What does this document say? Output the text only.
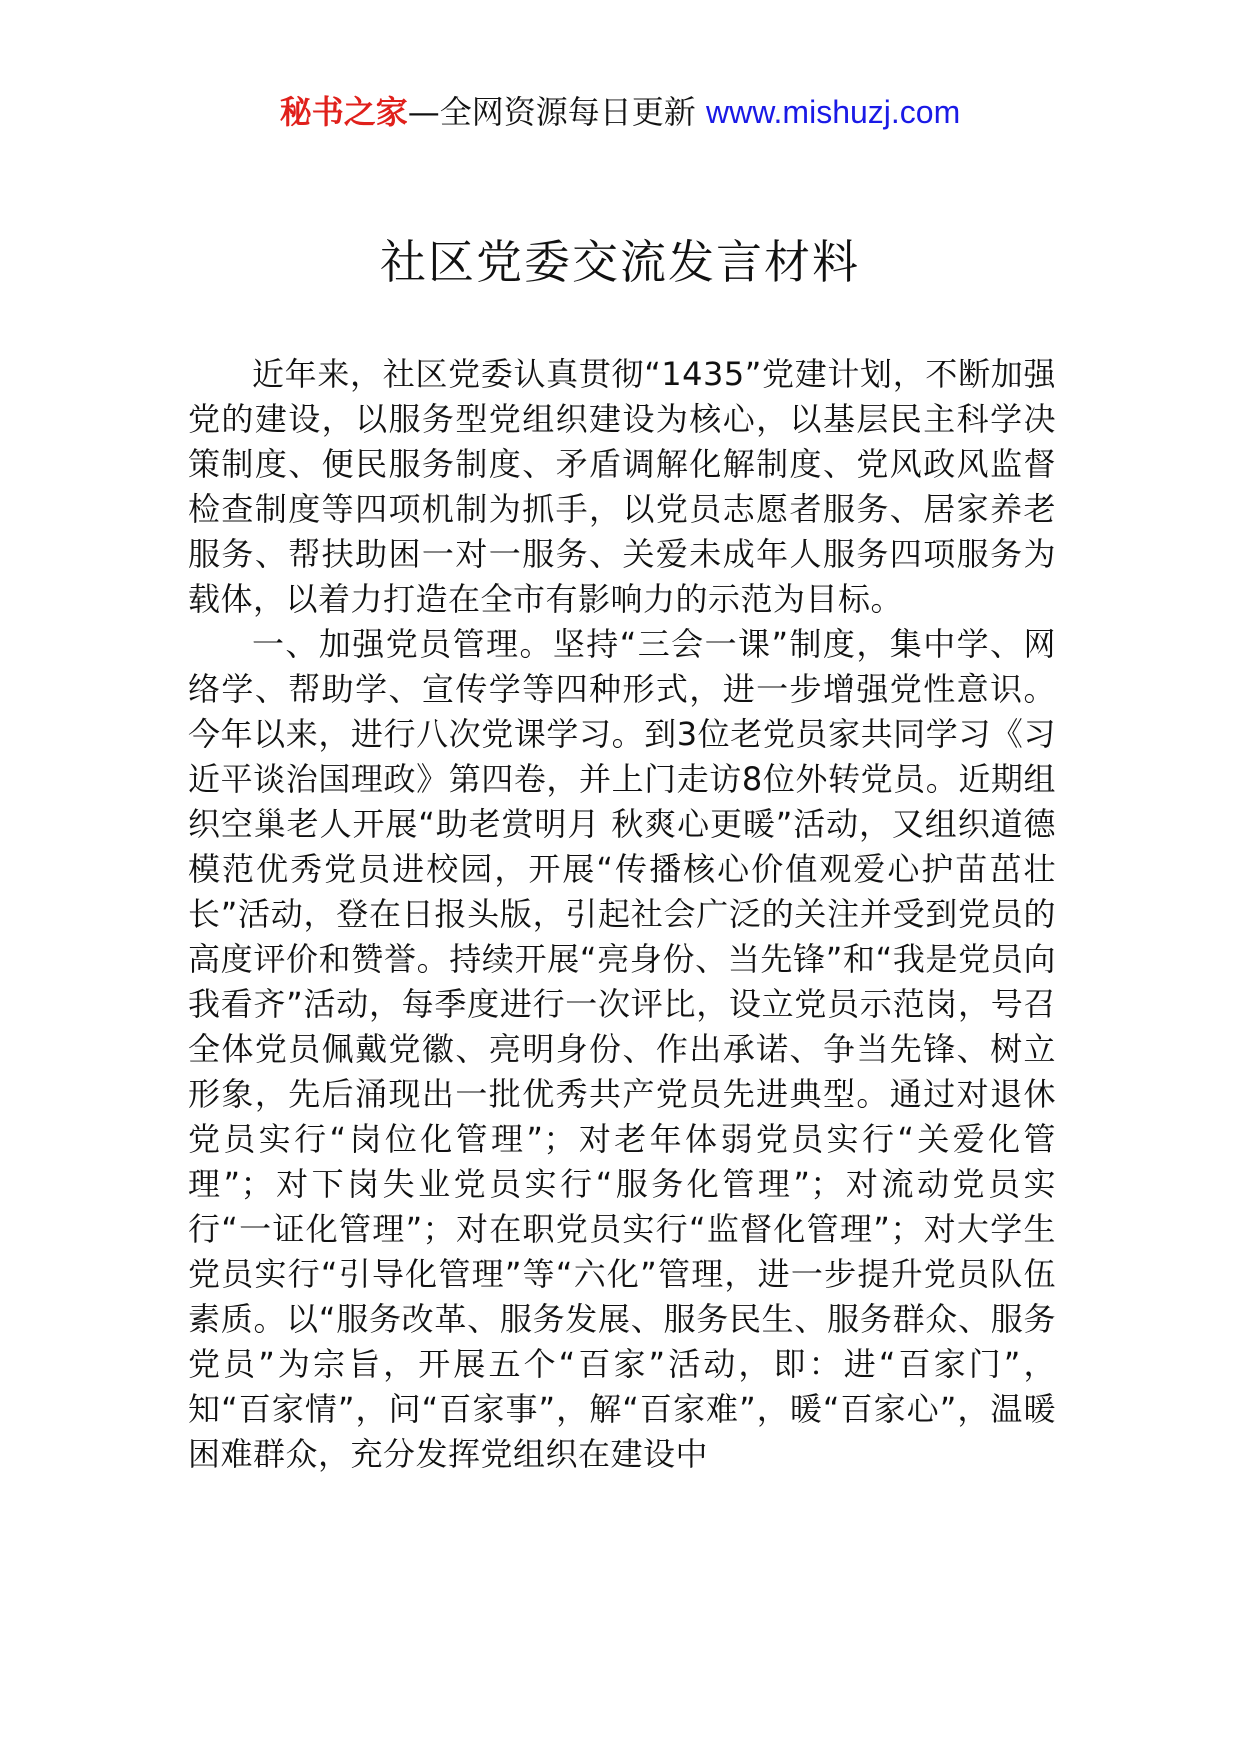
秘书之家—全网资源每日更新 www.mishuzj.com
社区党委交流发言材料

近年来，社区党委认真贯彻“1435”党建计划，不断加强党的建设，以服务型党组织建设为核心，以基层民主科学决策制度、便民服务制度、矛盾调解化解制度、党风政风监督检查制度等四项机制为抓手，以党员志愿者服务、居家养老服务、帮扶助困一对一服务、关爱未成年人服务四项服务为载体，以着力打造在全市有影响力的示范为目标。

一、加强党员管理。坚持“三会一课”制度，集中学、网络学、帮助学、宣传学等四种形式，进一步增强党性意识。今年以来，进行八次党课学习。到3位老党员家共同学习《习近平谈治国理政》第四卷，并上门走访8位外转党员。近期组织空巢老人开展“助老赏明月 秋爽心更暖”活动，又组织道德模范优秀党员进校园，开展“传播核心价值观爱心护苗茁壮长”活动，登在日报头版，引起社会广泛的关注并受到党员的高度评价和赞誉。持续开展“亮身份、当先锋”和“我是党员向我看齐”活动，每季度进行一次评比，设立党员示范岗，号召全体党员佩戴党徽、亮明身份、作出承诺、争当先锋、树立形象，先后涌现出一批优秀共产党员先进典型。通过对退休党员实行“岗位化管理”；对老年体弱党员实行“关爱化管理”；对下岗失业党员实行“服务化管理”；对流动党员实行“一证化管理”；对在职党员实行“监督化管理”；对大学生党员实行“引导化管理”等“六化”管理，进一步提升党员队伍素质。以“服务改革、服务发展、服务民生、服务群众、服务党员”为宗旨，开展五个“百家”活动，即：进“百家门”，知“百家情”，问“百家事”，解“百家难”，暖“百家心”，温暖困难群众，充分发挥党组织在建设中
